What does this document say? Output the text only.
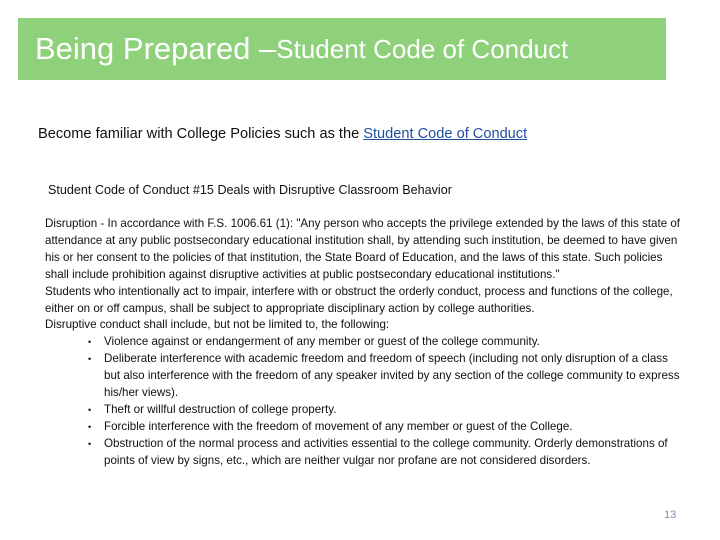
Being Prepared – Student Code of Conduct
Become familiar with College Policies such as the Student Code of Conduct
Student Code of Conduct #15 Deals with Disruptive Classroom Behavior

Disruption - In accordance with F.S. 1006.61 (1): "Any person who accepts the privilege extended by the laws of this state of attendance at any public postsecondary educational institution shall, by attending such institution, be deemed to have given his or her consent to the policies of that institution, the State Board of Education, and the laws of this state. Such policies shall include prohibition against disruptive activities at public postsecondary educational institutions."

Students who intentionally act to impair, interfere with or obstruct the orderly conduct, process and functions of the college, either on or off campus, shall be subject to appropriate disciplinary action by college authorities.

Disruptive conduct shall include, but not be limited to, the following:

• Violence against or endangerment of any member or guest of the college community.
• Deliberate interference with academic freedom and freedom of speech (including not only disruption of a class but also interference with the freedom of any speaker invited by any section of the college community to express his/her views).
• Theft or willful destruction of college property.
• Forcible interference with the freedom of movement of any member or guest of the College.
• Obstruction of the normal process and activities essential to the college community. Orderly demonstrations of points of view by signs, etc., which are neither vulgar nor profane are not considered disorders.
13
